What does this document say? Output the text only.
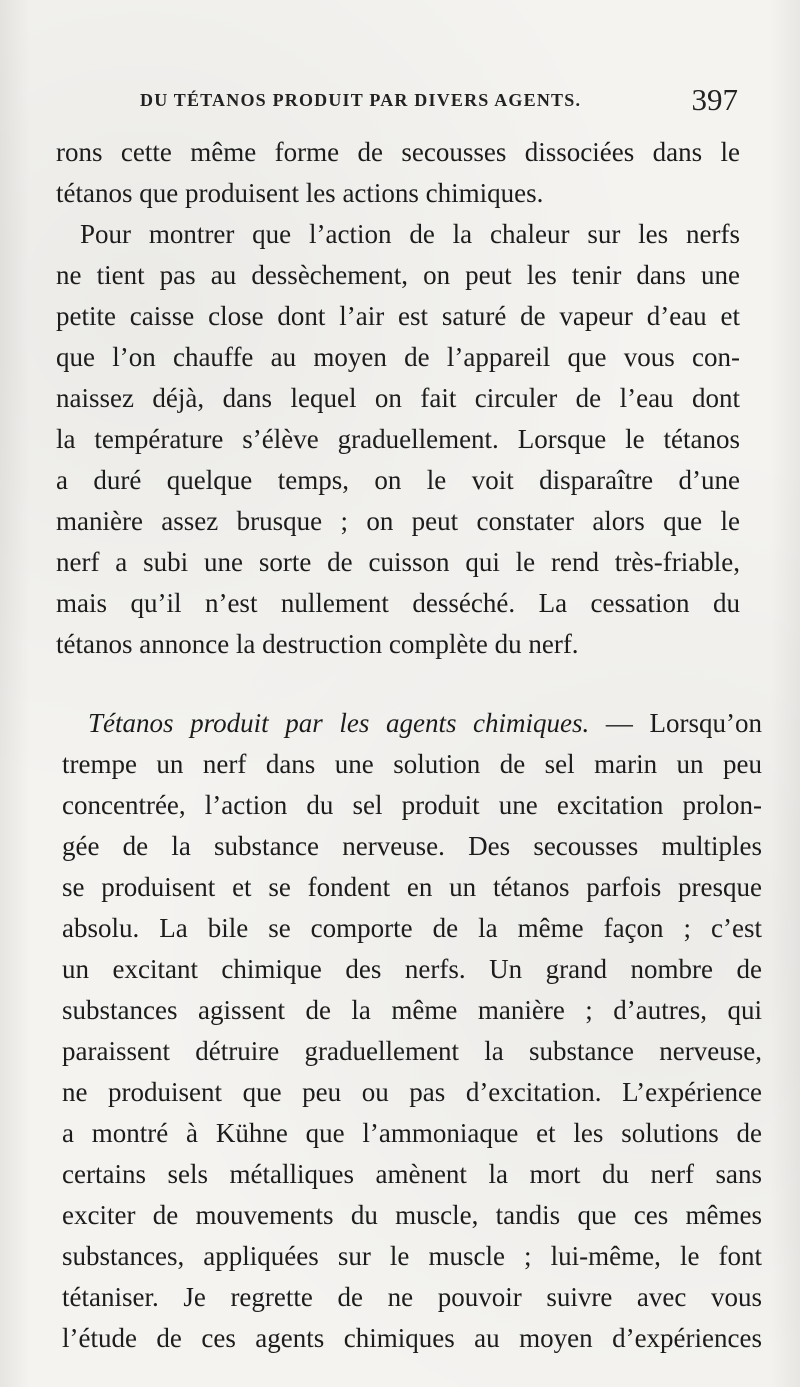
DU TÉTANOS PRODUIT PAR DIVERS AGENTS.	397
rons cette même forme de secousses dissociées dans le
tétanos que produisent les actions chimiques.
Pour montrer que l’action de la chaleur sur les nerfs
ne tient pas au dessèchement, on peut les tenir dans une
petite caisse close dont l’air est saturé de vapeur d’eau et
que l’on chauffe au moyen de l’appareil que vous con-
naissez déjà, dans lequel on fait circuler de l’eau dont
la température s’élève graduellement. Lorsque le tétanos
a duré quelque temps, on le voit disparaître d’une
manière assez brusque ; on peut constater alors que le
nerf a subi une sorte de cuisson qui le rend très-friable,
mais qu’il n’est nullement desséché. La cessation du
tétanos annonce la destruction complète du nerf.
Tétanos produit par les agents chimiques. — Lorsqu’on
trempe un nerf dans une solution de sel marin un peu
concentrée, l’action du sel produit une excitation prolon-
gée de la substance nerveuse. Des secousses multiples
se produisent et se fondent en un tétanos parfois presque
absolu. La bile se comporte de la même façon ; c’est
un excitant chimique des nerfs. Un grand nombre de
substances agissent de la même manière ; d’autres, qui
paraissent détruire graduellement la substance nerveuse,
ne produisent que peu ou pas d’excitation. L’expérience
a montré à Kühne que l’ammoniaque et les solutions de
certains sels métalliques amènent la mort du nerf sans
exciter de mouvements du muscle, tandis que ces mêmes
substances, appliquées sur le muscle ; lui-même, le font
tétaniser. Je regrette de ne pouvoir suivre avec vous
l’étude de ces agents chimiques au moyen d’expériences
